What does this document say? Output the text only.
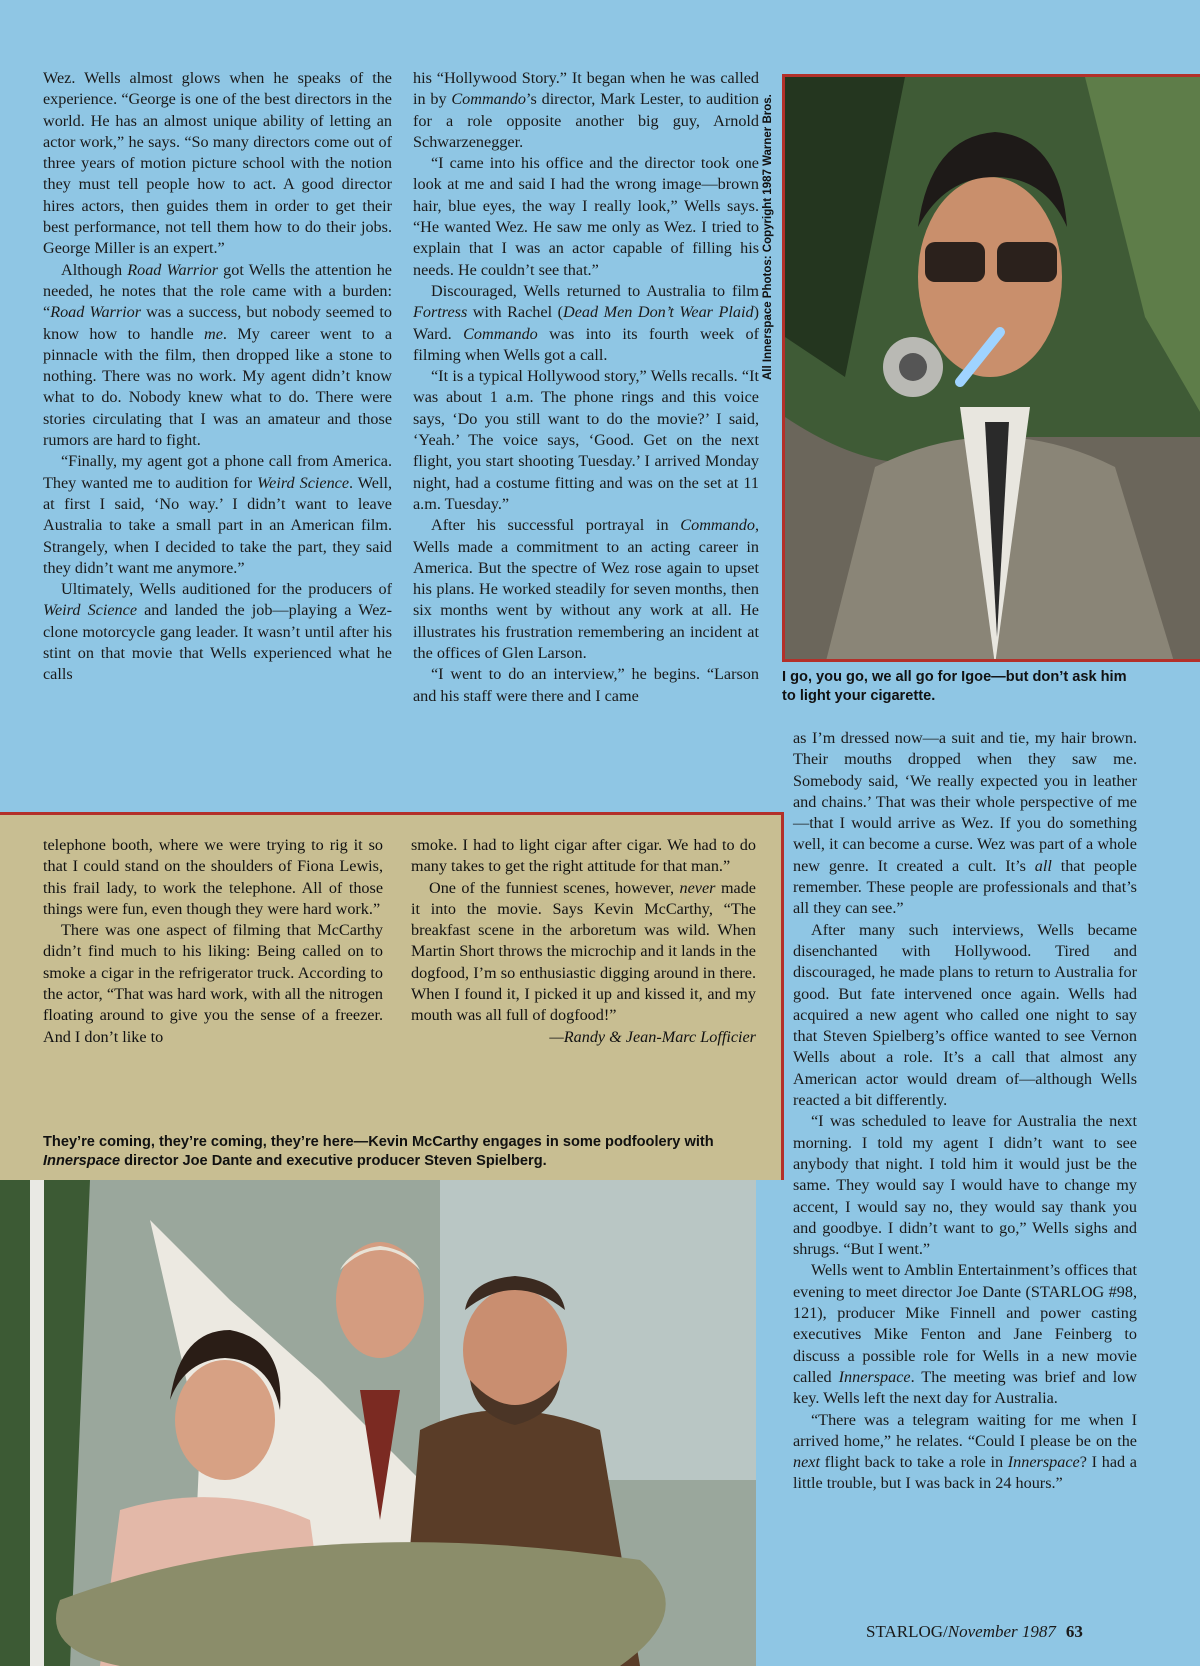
Wez. Wells almost glows when he speaks of the experience. “George is one of the best directors in the world. He has an almost unique ability of letting an actor work,” he says. “So many directors come out of three years of motion picture school with the notion they must tell people how to act. A good director hires actors, then guides them in order to get their best performance, not tell them how to do their jobs. George Miller is an expert.”

Although Road Warrior got Wells the attention he needed, he notes that the role came with a burden: “Road Warrior was a success, but nobody seemed to know how to handle me. My career went to a pinnacle with the film, then dropped like a stone to nothing. There was no work. My agent didn’t know what to do. Nobody knew what to do. There were stories circulating that I was an amateur and those rumors are hard to fight.

“Finally, my agent got a phone call from America. They wanted me to audition for Weird Science. Well, at first I said, ‘No way.’ I didn’t want to leave Australia to take a small part in an American film. Strangely, when I decided to take the part, they said they didn’t want me anymore.”

Ultimately, Wells auditioned for the producers of Weird Science and landed the job—playing a Wez-clone motorcycle gang leader. It wasn’t until after his stint on that movie that Wells experienced what he calls

his “Hollywood Story.” It began when he was called in by Commando’s director, Mark Lester, to audition for a role opposite another big guy, Arnold Schwarzenegger.

“I came into his office and the director took one look at me and said I had the wrong image—brown hair, blue eyes, the way I really look,” Wells says. “He wanted Wez. He saw me only as Wez. I tried to explain that I was an actor capable of filling his needs. He couldn’t see that.”

Discouraged, Wells returned to Australia to film Fortress with Rachel (Dead Men Don’t Wear Plaid) Ward. Commando was into its fourth week of filming when Wells got a call.

“It is a typical Hollywood story,” Wells recalls. “It was about 1 a.m. The phone rings and this voice says, ‘Do you still want to do the movie?’ I said, ‘Yeah.’ The voice says, ‘Good. Get on the next flight, you start shooting Tuesday.’ I arrived Monday night, had a costume fitting and was on the set at 11 a.m. Tuesday.”

After his successful portrayal in Commando, Wells made a commitment to an acting career in America. But the spectre of Wez rose again to upset his plans. He worked steadily for seven months, then six months went by without any work at all. He illustrates his frustration remembering an incident at the offices of Glen Larson.

“I went to do an interview,” he begins. “Larson and his staff were there and I came

All Innerspace Photos: Copyright 1987 Warner Bros.
I go, you go, we all go for Igoe—but don’t ask him to light your cigarette.

as I’m dressed now—a suit and tie, my hair brown. Their mouths dropped when they saw me. Somebody said, ‘We really expected you in leather and chains.’ That was their whole perspective of me—that I would arrive as Wez. If you do something well, it can become a curse. Wez was part of a whole new genre. It created a cult. It’s all that people remember. These people are professionals and that’s all they can see.”

After many such interviews, Wells became disenchanted with Hollywood. Tired and discouraged, he made plans to return to Australia for good. But fate intervened once again. Wells had acquired a new agent who called one night to say that Steven Spielberg’s office wanted to see Vernon Wells about a role. It’s a call that almost any American actor would dream of—although Wells reacted a bit differently.

“I was scheduled to leave for Australia the next morning. I told my agent I didn’t want to see anybody that night. I told him it would just be the same. They would say I would have to change my accent, I would say no, they would say thank you and goodbye. I didn’t want to go,” Wells sighs and shrugs. “But I went.”

Wells went to Amblin Entertainment’s offices that evening to meet director Joe Dante (STARLOG #98, 121), producer Mike Finnell and power casting executives Mike Fenton and Jane Feinberg to discuss a possible role for Wells in a new movie called Innerspace. The meeting was brief and low key. Wells left the next day for Australia.

“There was a telegram waiting for me when I arrived home,” he relates. “Could I please be on the next flight back to take a role in Innerspace? I had a little trouble, but I was back in 24 hours.”

telephone booth, where we were trying to rig it so that I could stand on the shoulders of Fiona Lewis, this frail lady, to work the telephone. All of those things were fun, even though they were hard work.”

There was one aspect of filming that McCarthy didn’t find much to his liking: Being called on to smoke a cigar in the refrigerator truck. According to the actor, “That was hard work, with all the nitrogen floating around to give you the sense of a freezer. And I don’t like to

smoke. I had to light cigar after cigar. We had to do many takes to get the right attitude for that man.”

One of the funniest scenes, however, never made it into the movie. Says Kevin McCarthy, “The breakfast scene in the arboretum was wild. When Martin Short throws the microchip and it lands in the dogfood, I’m so enthusiastic digging around in there. When I found it, I picked it up and kissed it, and my mouth was all full of dogfood!”

—Randy & Jean-Marc Lofficier

They’re coming, they’re coming, they’re here—Kevin McCarthy engages in some podfoolery with Innerspace director Joe Dante and executive producer Steven Spielberg.
STARLOG/November 1987 63
